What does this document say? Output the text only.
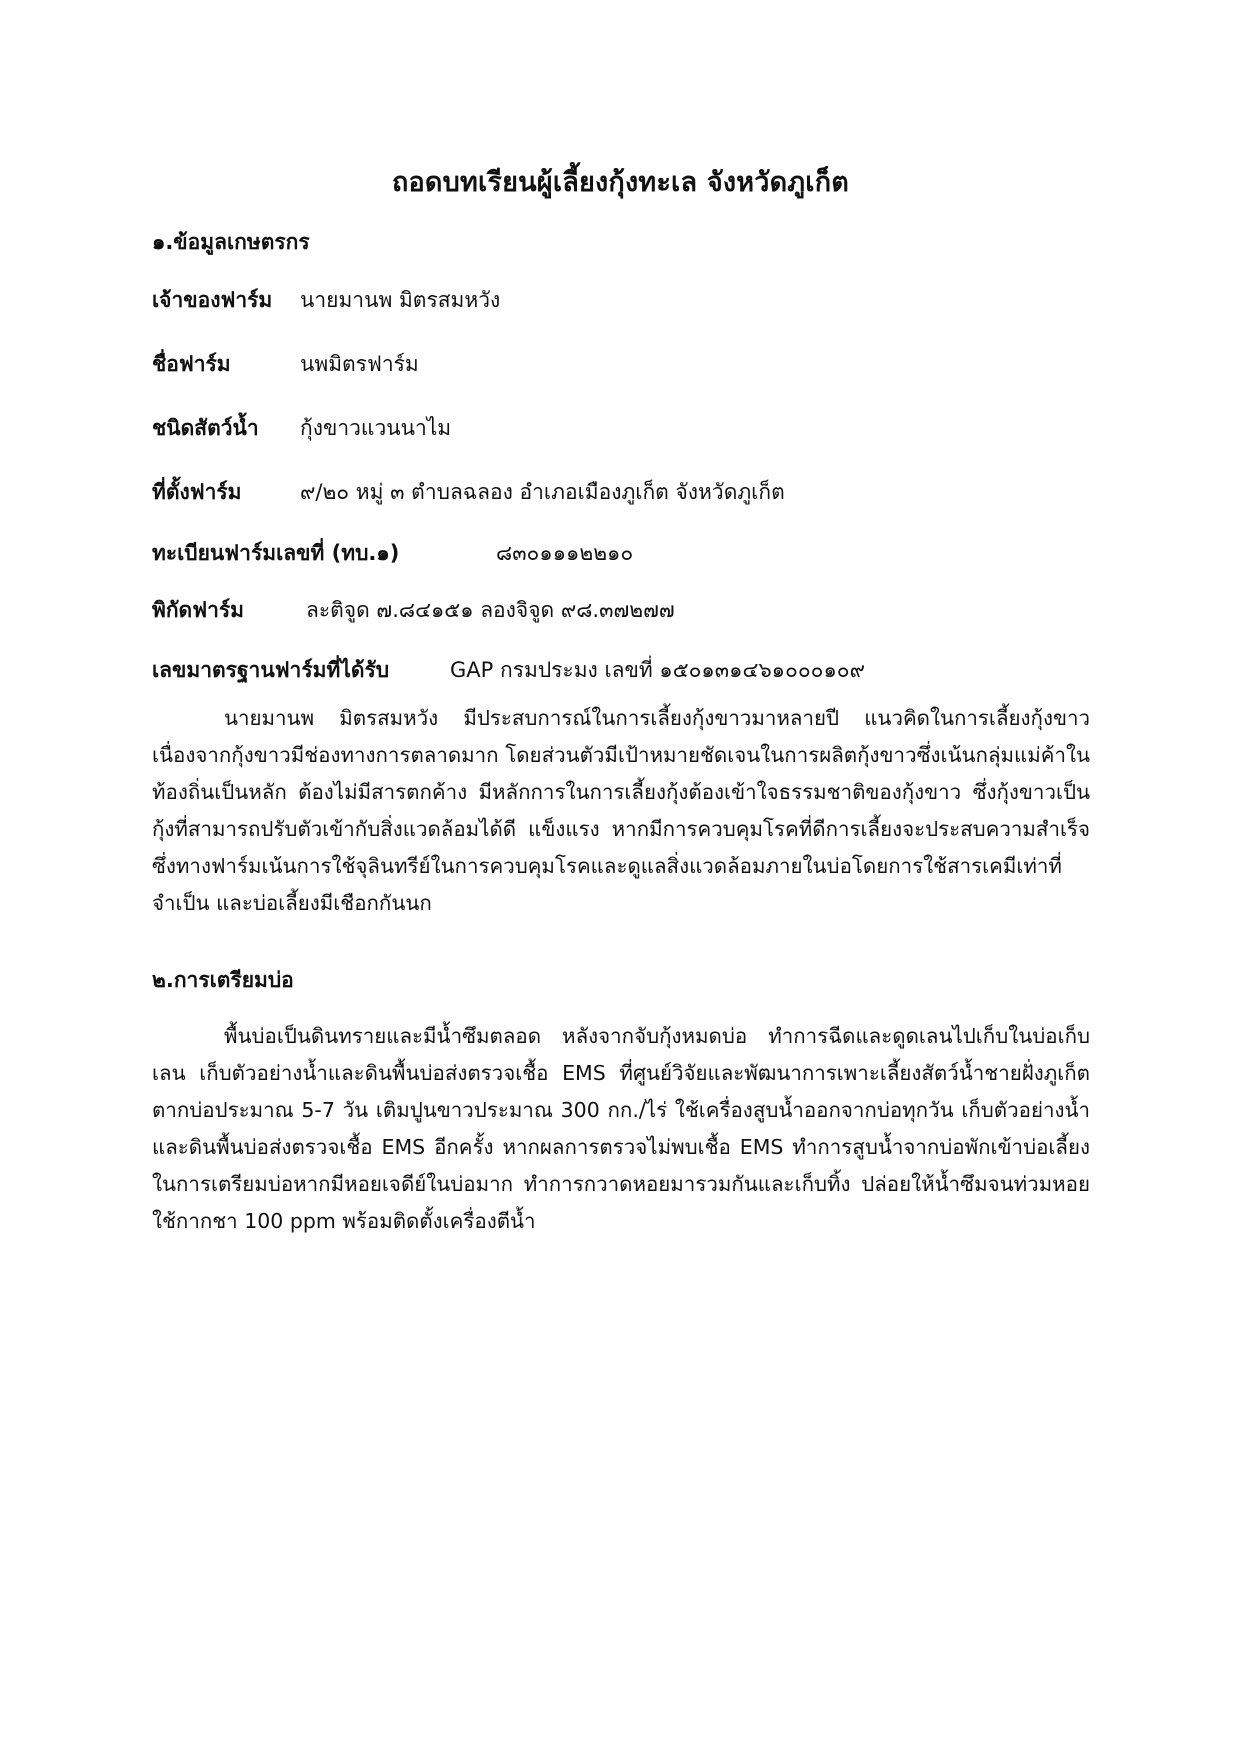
ถอดบทเรียนผู้เลี้ยงกุ้งทะเล จังหวัดภูเก็ต
๑.ข้อมูลเกษตรกร
เจ้าของฟาร์ม นายมานพ มิตรสมหวัง
ชื่อฟาร์ม	นพมิตรฟาร์ม
ชนิดสัตว์น้ำ กุ้งขาวแวนนาไม
ที่ตั้งฟาร์ม	๙/๒๐ หมู่ ๓ ตำบลฉลอง อำเภอเมืองภูเก็ต จังหวัดภูเก็ต
ทะเบียนฟาร์มเลขที่ (ทบ.๑)	๘๓๐๑๑๑๒๒๑๐
พิกัดฟาร์ม	ละติจูด ๗.๘๔๑๕๑ ลองจิจูด ๙๘.๓๗๒๗๗
เลขมาตรฐานฟาร์มที่ได้รับ	GAP กรมประมง เลขที่ ๑๕๐๑๓๑๔๖๑๐๐๐๑๐๙
นายมานพ มิตรสมหวัง มีประสบการณ์ในการเลี้ยงกุ้งขาวมาหลายปี แนวคิดในการเลี้ยงกุ้งขาวเนื่องจากกุ้งขาวมีช่องทางการตลาดมาก โดยส่วนตัวมีเป้าหมายชัดเจนในการผลิตกุ้งขาวซึ่งเน้นกลุ่มแม่ค้าในท้องถิ่นเป็นหลัก ต้องไม่มีสารตกค้าง มีหลักการในการเลี้ยงกุ้งต้องเข้าใจธรรมชาติของกุ้งขาว ซึ่งกุ้งขาวเป็นกุ้งที่สามารถปรับตัวเข้ากับสิ่งแวดล้อมได้ดี แข็งแรง หากมีการควบคุมโรคที่ดีการเลี้ยงจะประสบความสำเร็จ ซึ่งทางฟาร์มเน้นการใช้จุลินทรีย์ในการควบคุมโรคและดูแลสิ่งแวดล้อมภายในบ่อโดยการใช้สารเคมีเท่าที่จำเป็น และบ่อเลี้ยงมีเชือกกันนก
๒.การเตรียมบ่อ
พื้นบ่อเป็นดินทรายและมีน้ำซึมตลอด หลังจากจับกุ้งหมดบ่อ ทำการฉีดและดูดเลนไปเก็บในบ่อเก็บเลน เก็บตัวอย่างน้ำและดินพื้นบ่อส่งตรวจเชื้อ EMS ที่ศูนย์วิจัยและพัฒนาการเพาะเลี้ยงสัตว์น้ำชายฝั่งภูเก็ต ตากบ่อประมาณ 5-7 วัน เติมปูนขาวประมาณ 300 กก./ไร่ ใช้เครื่องสูบน้ำออกจากบ่อทุกวัน เก็บตัวอย่างน้ำและดินพื้นบ่อส่งตรวจเชื้อ EMS อีกครั้ง หากผลการตรวจไม่พบเชื้อ EMS ทำการสูบน้ำจากบ่อพักเข้าบ่อเลี้ยง ในการเตรียมบ่อหากมีหอยเจดีย์ในบ่อมาก ทำการกวาดหอยมารวมกันและเก็บทิ้ง ปล่อยให้น้ำซึมจนท่วมหอย ใช้กากชา 100 ppm พร้อมติดตั้งเครื่องตีน้ำ
